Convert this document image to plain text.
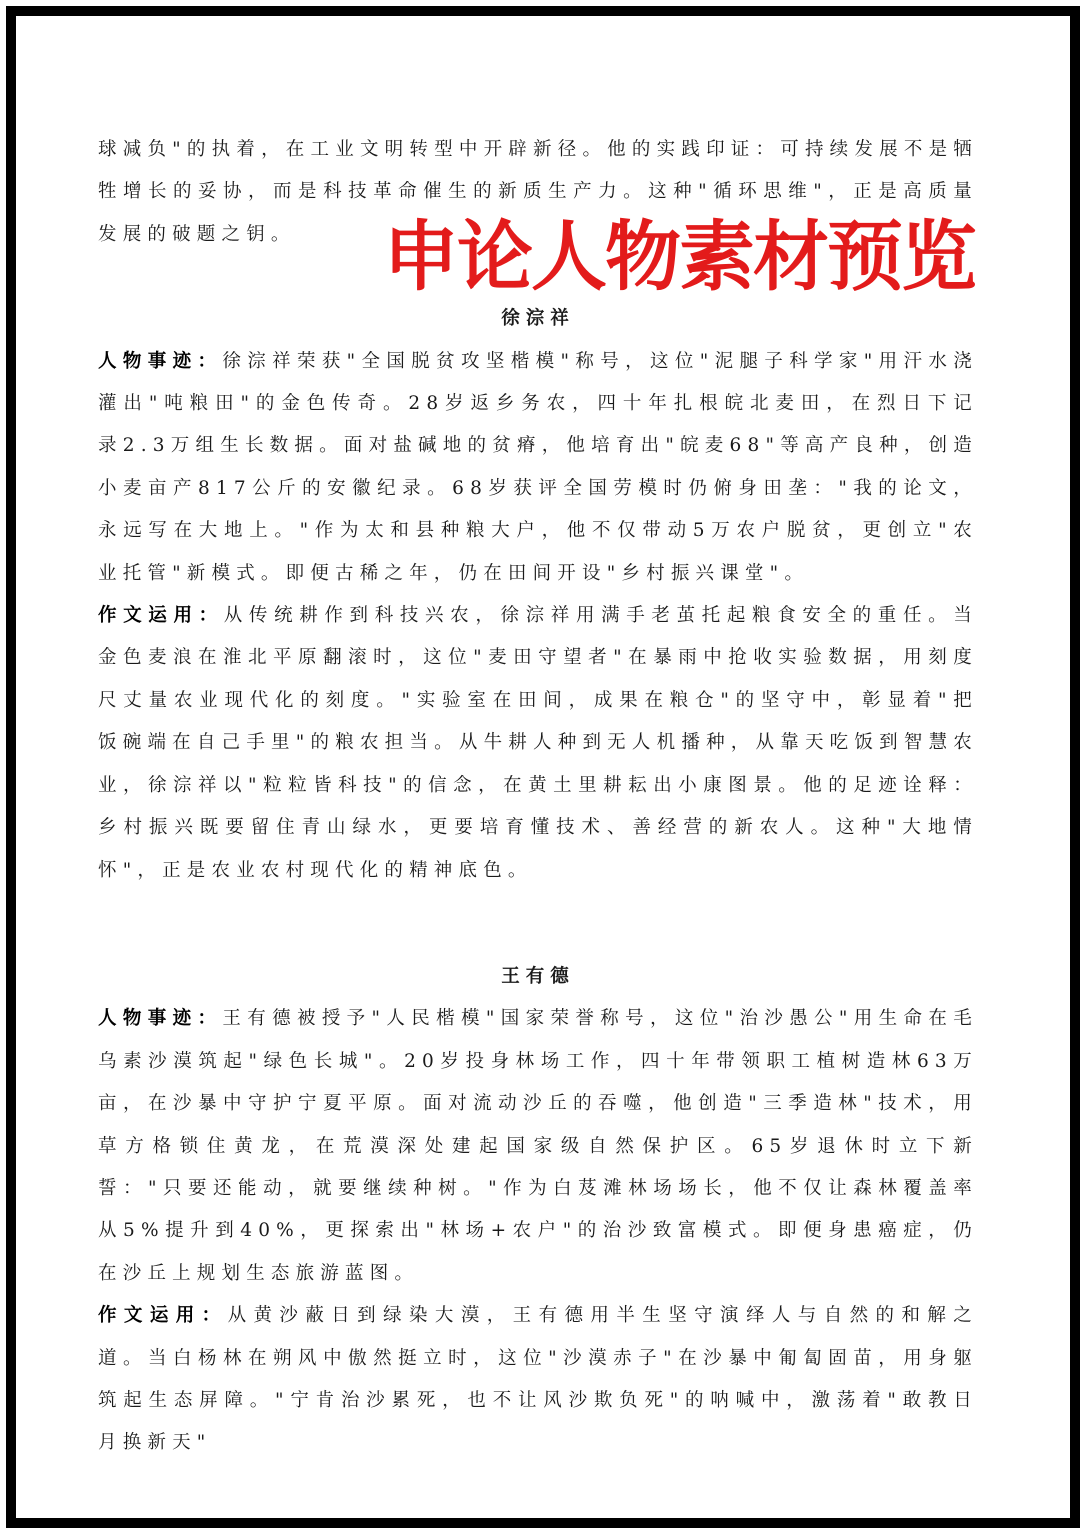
球减负"的执着，在工业文明转型中开辟新径。他的实践印证：可持续发展不是牺牲增长的妥协，而是科技革命催生的新质生产力。这种"循环思维"，正是高质量发展的破题之钥。

徐淙祥

人物事迹：徐淙祥荣获"全国脱贫攻坚楷模"称号，这位"泥腿子科学家"用汗水浇灌出"吨粮田"的金色传奇。28岁返乡务农，四十年扎根皖北麦田，在烈日下记录2.3万组生长数据。面对盐碱地的贫瘠，他培育出"皖麦68"等高产良种，创造小麦亩产817公斤的安徽纪录。68岁获评全国劳模时仍俯身田垄："我的论文，永远写在大地上。"作为太和县种粮大户，他不仅带动5万农户脱贫，更创立"农业托管"新模式。即便古稀之年，仍在田间开设"乡村振兴课堂"。

作文运用：从传统耕作到科技兴农，徐淙祥用满手老茧托起粮食安全的重任。当金色麦浪在淮北平原翻滚时，这位"麦田守望者"在暴雨中抢收实验数据，用刻度尺丈量农业现代化的刻度。"实验室在田间，成果在粮仓"的坚守中，彰显着"把饭碗端在自己手里"的粮农担当。从牛耕人种到无人机播种，从靠天吃饭到智慧农业，徐淙祥以"粒粒皆科技"的信念，在黄土里耕耘出小康图景。他的足迹诠释：乡村振兴既要留住青山绿水，更要培育懂技术、善经营的新农人。这种"大地情怀"，正是农业农村现代化的精神底色。

王有德

人物事迹：王有德被授予"人民楷模"国家荣誉称号，这位"治沙愚公"用生命在毛乌素沙漠筑起"绿色长城"。20岁投身林场工作，四十年带领职工植树造林63万亩，在沙暴中守护宁夏平原。面对流动沙丘的吞噬，他创造"三季造林"技术，用草方格锁住黄龙，在荒漠深处建起国家级自然保护区。65岁退休时立下新誓："只要还能动，就要继续种树。"作为白芨滩林场场长，他不仅让森林覆盖率从5%提升到40%，更探索出"林场+农户"的治沙致富模式。即便身患癌症，仍在沙丘上规划生态旅游蓝图。

作文运用：从黄沙蔽日到绿染大漠，王有德用半生坚守演绎人与自然的和解之道。当白杨林在朔风中傲然挺立时，这位"沙漠赤子"在沙暴中匍匐固苗，用身躯筑起生态屏障。"宁肯治沙累死，也不让风沙欺负死"的呐喊中，激荡着"敢教日月换新天"

申论人物素材预览
